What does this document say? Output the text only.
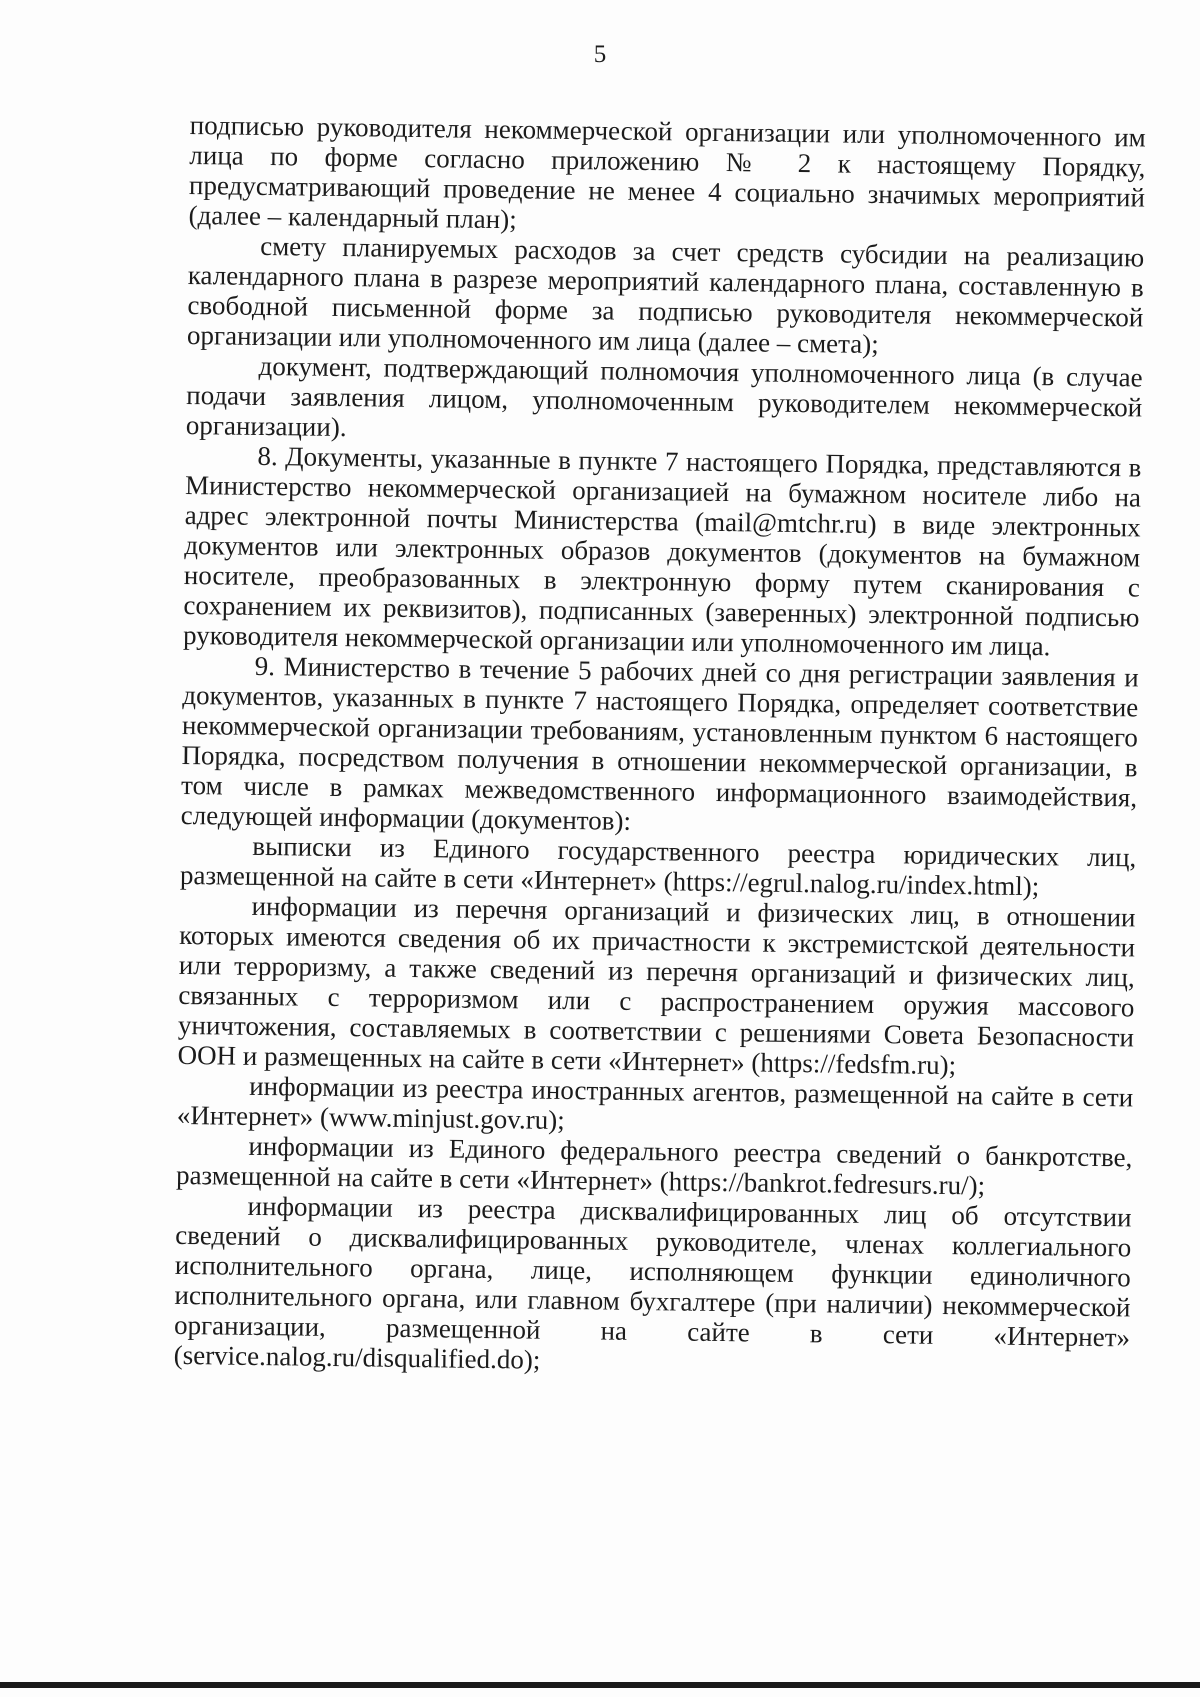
5

подписью руководителя некоммерческой организации или уполномоченного им лица по форме согласно приложению № 2 к настоящему Порядку, предусматривающий проведение не менее 4 социально значимых мероприятий (далее – календарный план);

смету планируемых расходов за счет средств субсидии на реализацию календарного плана в разрезе мероприятий календарного плана, составленную в свободной письменной форме за подписью руководителя некоммерческой организации или уполномоченного им лица (далее – смета);

документ, подтверждающий полномочия уполномоченного лица (в случае подачи заявления лицом, уполномоченным руководителем некоммерческой организации).

8. Документы, указанные в пункте 7 настоящего Порядка, представляются в Министерство некоммерческой организацией на бумажном носителе либо на адрес электронной почты Министерства (mail@mtchr.ru) в виде электронных документов или электронных образов документов (документов на бумажном носителе, преобразованных в электронную форму путем сканирования с сохранением их реквизитов), подписанных (заверенных) электронной подписью руководителя некоммерческой организации или уполномоченного им лица.

9. Министерство в течение 5 рабочих дней со дня регистрации заявления и документов, указанных в пункте 7 настоящего Порядка, определяет соответствие некоммерческой организации требованиям, установленным пунктом 6 настоящего Порядка, посредством получения в отношении некоммерческой организации, в том числе в рамках межведомственного информационного взаимодействия, следующей информации (документов):

выписки из Единого государственного реестра юридических лиц, размещенной на сайте в сети «Интернет» (https://egrul.nalog.ru/index.html);

информации из перечня организаций и физических лиц, в отношении которых имеются сведения об их причастности к экстремистской деятельности или терроризму, а также сведений из перечня организаций и физических лиц, связанных с терроризмом или с распространением оружия массового уничтожения, составляемых в соответствии с решениями Совета Безопасности ООН и размещенных на сайте в сети «Интернет» (https://fedsfm.ru);

информации из реестра иностранных агентов, размещенной на сайте в сети «Интернет» (www.minjust.gov.ru);

информации из Единого федерального реестра сведений о банкротстве, размещенной на сайте в сети «Интернет» (https://bankrot.fedresurs.ru/);

информации из реестра дисквалифицированных лиц об отсутствии сведений о дисквалифицированных руководителе, членах коллегиального исполнительного органа, лице, исполняющем функции единоличного исполнительного органа, или главном бухгалтере (при наличии) некоммерческой организации, размещенной на сайте в сети «Интернет» (service.nalog.ru/disqualified.do);
